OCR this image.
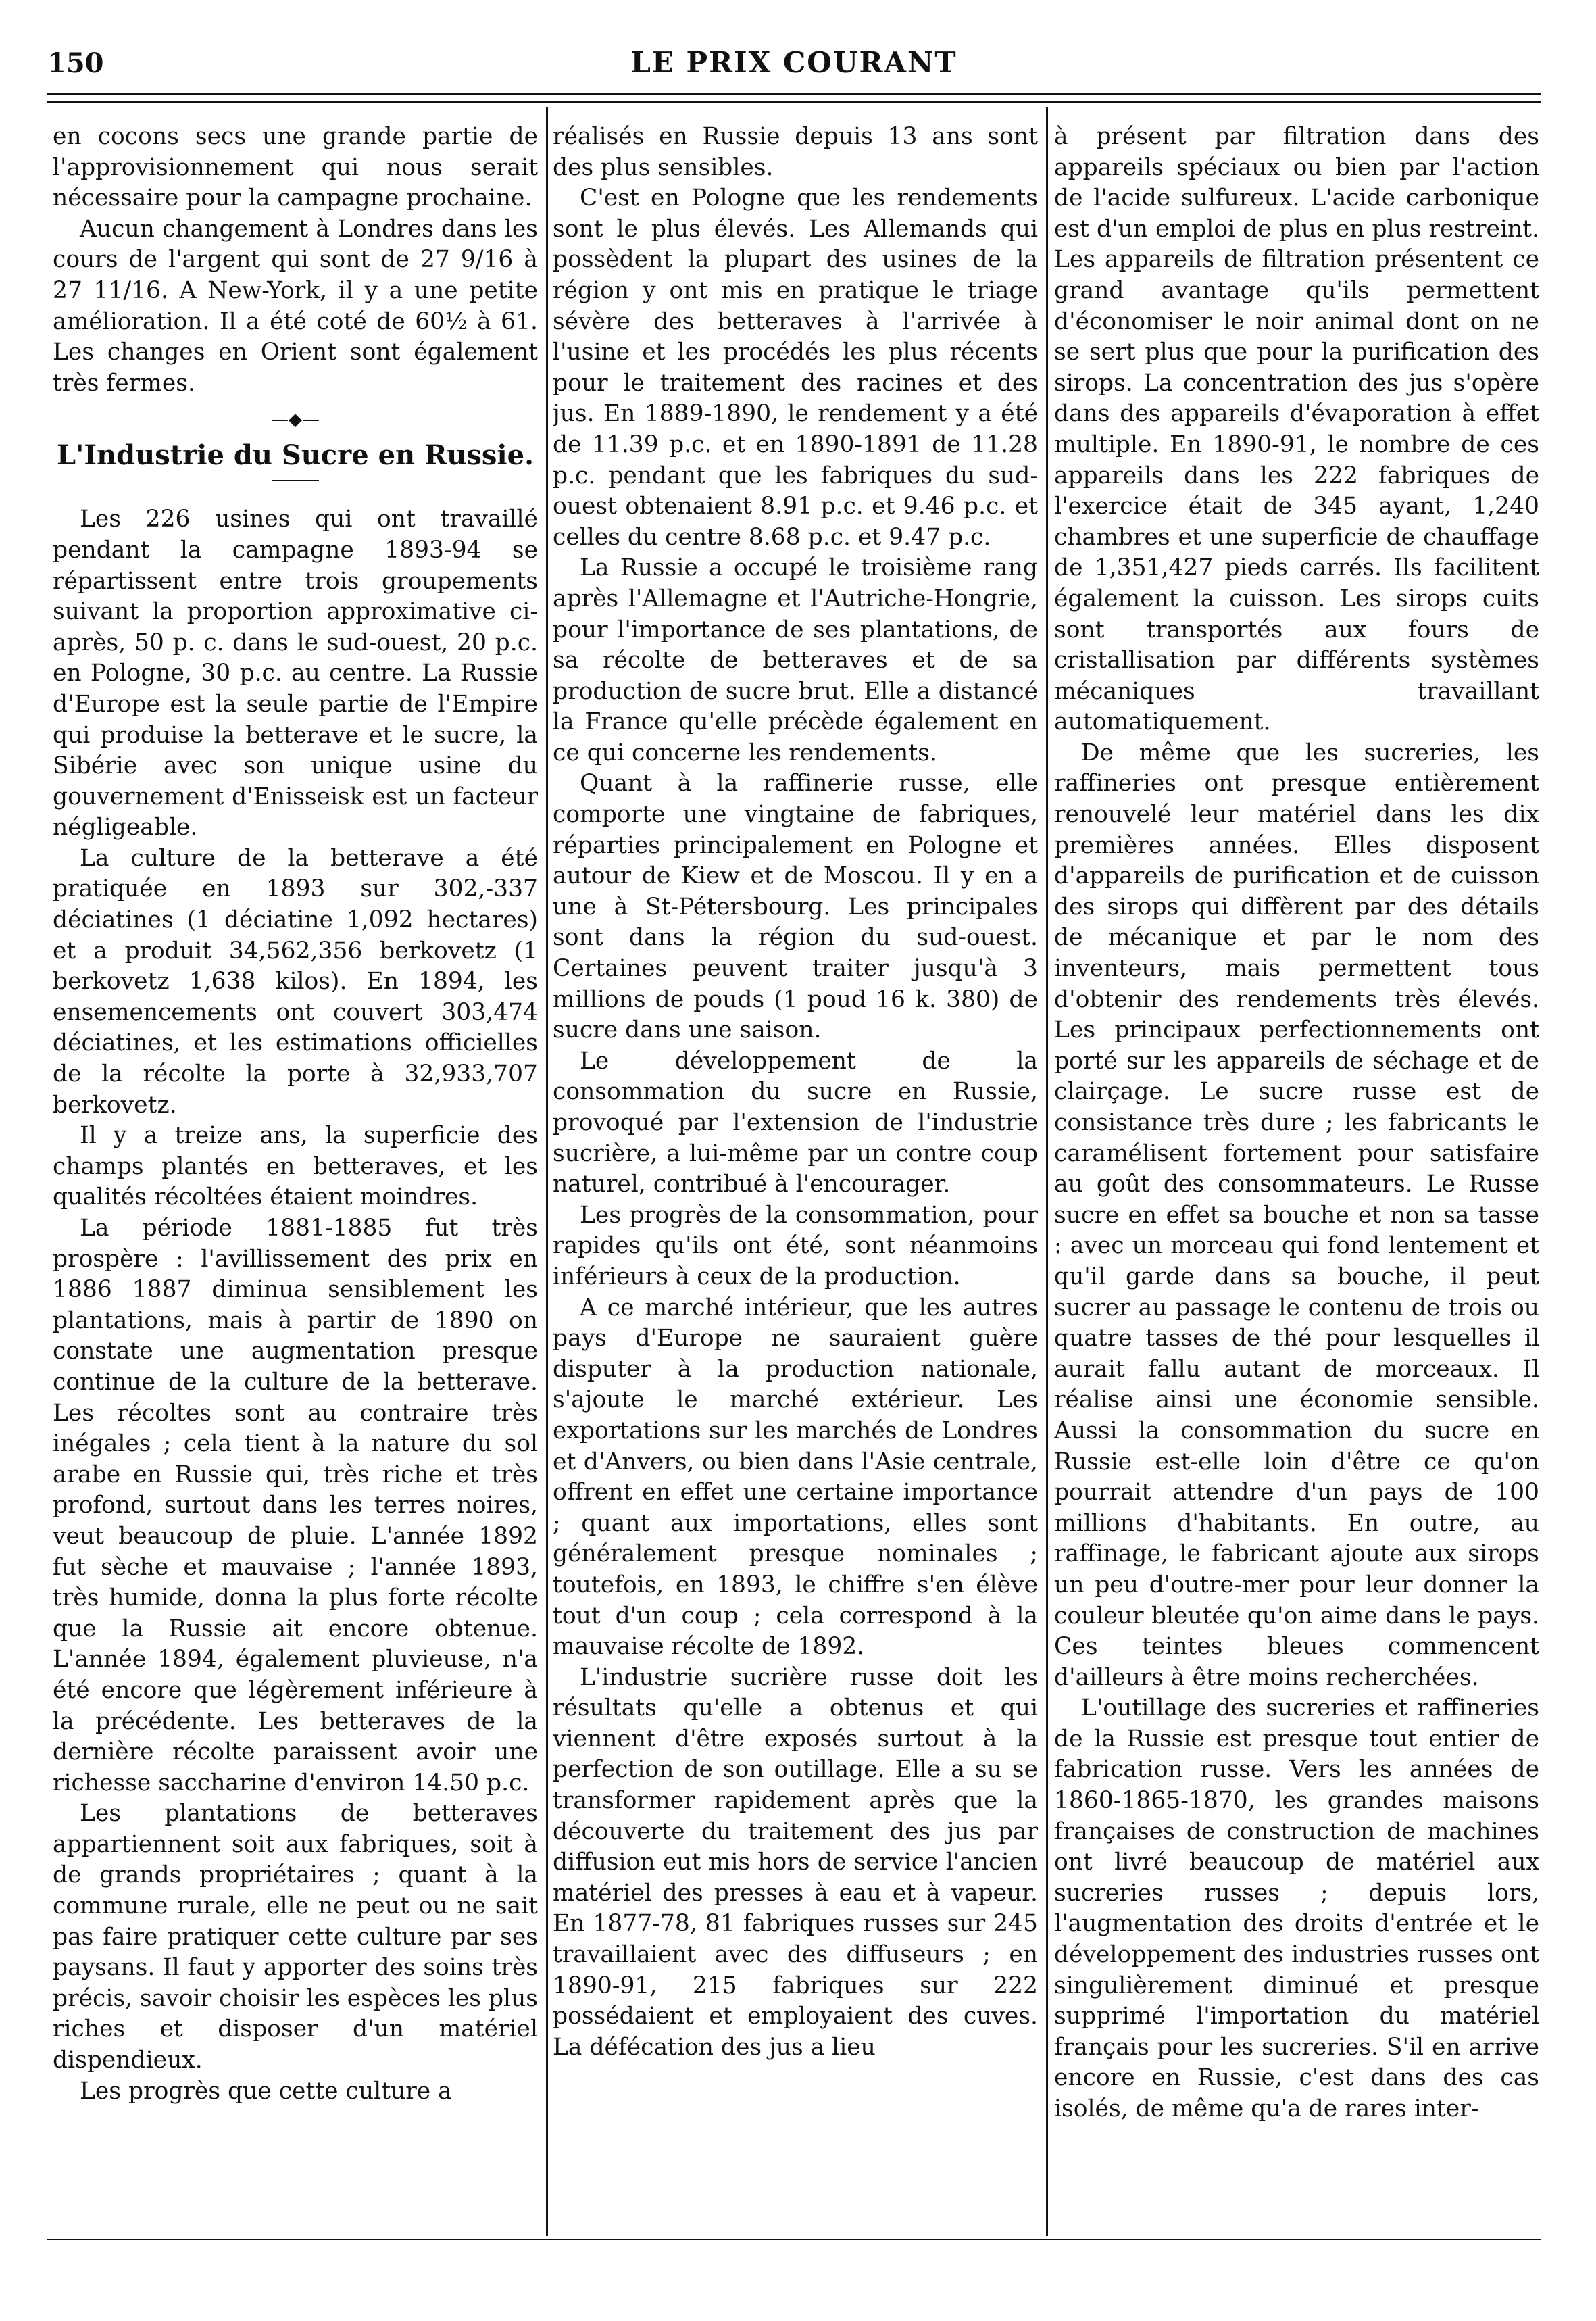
150	LE PRIX COURANT

en cocons secs une grande partie de l'approvisionnement qui nous serait nécessaire pour la campagne prochaine.

Aucun changement à Londres dans les cours de l'argent qui sont de 27 9/16 à 27 11/16. A New-York, il y a une petite amélioration. Il a été coté de 60½ à 61. Les changes en Orient sont également très fermes.

—◆—
L'Industrie du Sucre en Russie.

Les 226 usines qui ont travaillé pendant la campagne 1893-94 se répartissent entre trois groupements suivant la proportion approximative ci-après, 50 p. c. dans le sud-ouest, 20 p.c. en Pologne, 30 p.c. au centre. La Russie d'Europe est la seule partie de l'Empire qui produise la betterave et le sucre, la Sibérie avec son unique usine du gouvernement d'Enisseisk est un facteur négligeable.

La culture de la betterave a été pratiquée en 1893 sur 302,-337 déciatines (1 déciatine 1,092 hectares) et a produit 34,562,356 berkovetz (1 berkovetz 1,638 kilos). En 1894, les ensemencements ont couvert 303,474 déciatines, et les estimations officielles de la récolte la porte à 32,933,707 berkovetz.

Il y a treize ans, la superficie des champs plantés en betteraves, et les qualités récoltées étaient moindres.

La période 1881-1885 fut très prospère : l'avillissement des prix en 1886 1887 diminua sensiblement les plantations, mais à partir de 1890 on constate une augmentation presque continue de la culture de la betterave. Les récoltes sont au contraire très inégales ; cela tient à la nature du sol arabe en Russie qui, très riche et très profond, surtout dans les terres noires, veut beaucoup de pluie. L'année 1892 fut sèche et mauvaise ; l'année 1893, très humide, donna la plus forte récolte que la Russie ait encore obtenue. L'année 1894, également pluvieuse, n'a été encore que légèrement inférieure à la précédente. Les betteraves de la dernière récolte paraissent avoir une richesse saccharine d'environ 14.50 p.c.

Les plantations de betteraves appartiennent soit aux fabriques, soit à de grands propriétaires ; quant à la commune rurale, elle ne peut ou ne sait pas faire pratiquer cette culture par ses paysans. Il faut y apporter des soins très précis, savoir choisir les espèces les plus riches et disposer d'un matériel dispendieux.

Les progrès que cette culture a

réalisés en Russie depuis 13 ans sont des plus sensibles.

C'est en Pologne que les rendements sont le plus élevés. Les Allemands qui possèdent la plupart des usines de la région y ont mis en pratique le triage sévère des betteraves à l'arrivée à l'usine et les procédés les plus récents pour le traitement des racines et des jus. En 1889-1890, le rendement y a été de 11.39 p.c. et en 1890-1891 de 11.28 p.c. pendant que les fabriques du sud-ouest obtenaient 8.91 p.c. et 9.46 p.c. et celles du centre 8.68 p.c. et 9.47 p.c.

La Russie a occupé le troisième rang après l'Allemagne et l'Autriche-Hongrie, pour l'importance de ses plantations, de sa récolte de betteraves et de sa production de sucre brut. Elle a distancé la France qu'elle précède également en ce qui concerne les rendements.

Quant à la raffinerie russe, elle comporte une vingtaine de fabriques, réparties principalement en Pologne et autour de Kiew et de Moscou. Il y en a une à St-Pétersbourg. Les principales sont dans la région du sud-ouest. Certaines peuvent traiter jusqu'à 3 millions de pouds (1 poud 16 k. 380) de sucre dans une saison.

Le développement de la consommation du sucre en Russie, provoqué par l'extension de l'industrie sucrière, a lui-même par un contre coup naturel, contribué à l'encourager.

Les progrès de la consommation, pour rapides qu'ils ont été, sont néanmoins inférieurs à ceux de la production.

A ce marché intérieur, que les autres pays d'Europe ne sauraient guère disputer à la production nationale, s'ajoute le marché extérieur. Les exportations sur les marchés de Londres et d'Anvers, ou bien dans l'Asie centrale, offrent en effet une certaine importance ; quant aux importations, elles sont généralement presque nominales ; toutefois, en 1893, le chiffre s'en élève tout d'un coup ; cela correspond à la mauvaise récolte de 1892.

L'industrie sucrière russe doit les résultats qu'elle a obtenus et qui viennent d'être exposés surtout à la perfection de son outillage. Elle a su se transformer rapidement après que la découverte du traitement des jus par diffusion eut mis hors de service l'ancien matériel des presses à eau et à vapeur. En 1877-78, 81 fabriques russes sur 245 travaillaient avec des diffuseurs ; en 1890-91, 215 fabriques sur 222 possédaient et employaient des cuves. La défécation des jus a lieu

à présent par filtration dans des appareils spéciaux ou bien par l'action de l'acide sulfureux. L'acide carbonique est d'un emploi de plus en plus restreint. Les appareils de filtration présentent ce grand avantage qu'ils permettent d'économiser le noir animal dont on ne se sert plus que pour la purification des sirops. La concentration des jus s'opère dans des appareils d'évaporation à effet multiple. En 1890-91, le nombre de ces appareils dans les 222 fabriques de l'exercice était de 345 ayant, 1,240 chambres et une superficie de chauffage de 1,351,427 pieds carrés. Ils facilitent également la cuisson. Les sirops cuits sont transportés aux fours de cristallisation par différents systèmes mécaniques travaillant automatiquement.

De même que les sucreries, les raffineries ont presque entièrement renouvelé leur matériel dans les dix premières années. Elles disposent d'appareils de purification et de cuisson des sirops qui diffèrent par des détails de mécanique et par le nom des inventeurs, mais permettent tous d'obtenir des rendements très élevés. Les principaux perfectionnements ont porté sur les appareils de séchage et de clairçage. Le sucre russe est de consistance très dure ; les fabricants le caramélisent fortement pour satisfaire au goût des consommateurs. Le Russe sucre en effet sa bouche et non sa tasse : avec un morceau qui fond lentement et qu'il garde dans sa bouche, il peut sucrer au passage le contenu de trois ou quatre tasses de thé pour lesquelles il aurait fallu autant de morceaux. Il réalise ainsi une économie sensible. Aussi la consommation du sucre en Russie est-elle loin d'être ce qu'on pourrait attendre d'un pays de 100 millions d'habitants. En outre, au raffinage, le fabricant ajoute aux sirops un peu d'outre-mer pour leur donner la couleur bleutée qu'on aime dans le pays. Ces teintes bleues commencent d'ailleurs à être moins recherchées.

L'outillage des sucreries et raffineries de la Russie est presque tout entier de fabrication russe. Vers les années de 1860-1865-1870, les grandes maisons françaises de construction de machines ont livré beaucoup de matériel aux sucreries russes ; depuis lors, l'augmentation des droits d'entrée et le développement des industries russes ont singulièrement diminué et presque supprimé l'importation du matériel français pour les sucreries. S'il en arrive encore en Russie, c'est dans des cas isolés, de même qu'a de rares inter-
